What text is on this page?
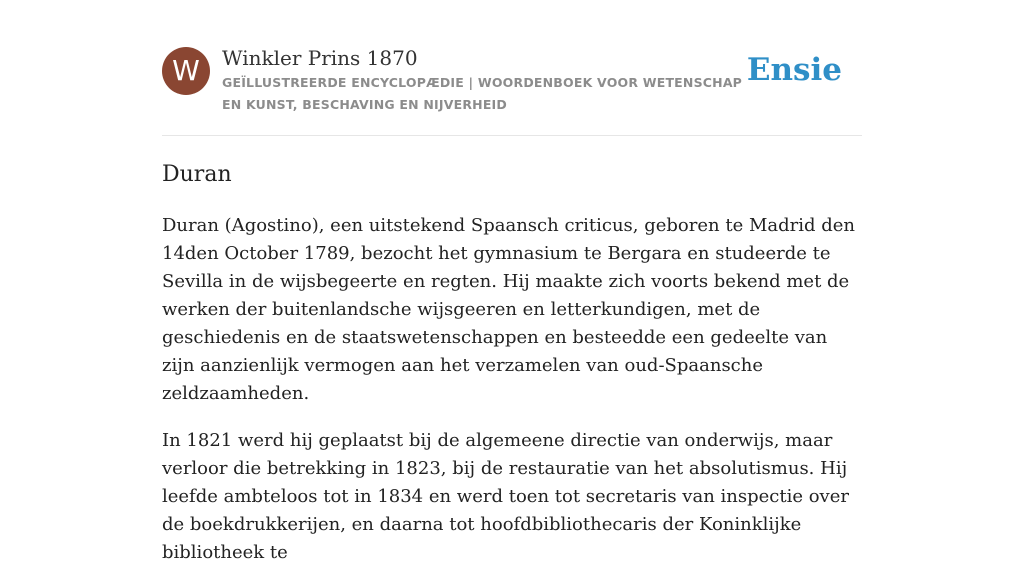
W	Winkler Prins 1870
GEÏLLUSTREERDE ENCYCLOPÆDIE | WOORDENBOEK VOOR WETENSCHAP EN KUNST, BESCHAVING EN NIJVERHEID
Ensie
Duran

Duran (Agostino), een uitstekend Spaansch criticus, geboren te Madrid den 14den October 1789, bezocht het gymnasium te Bergara en studeerde te Sevilla in de wijsbegeerte en regten. Hij maakte zich voorts bekend met de werken der buitenlandsche wijsgeeren en letterkundigen, met de geschiedenis en de staatswetenschappen en besteedde een gedeelte van zijn aanzienlijk vermogen aan het verzamelen van oud-Spaansche zeldzaamheden.

In 1821 werd hij geplaatst bij de algemeene directie van onderwijs, maar verloor die betrekking in 1823, bij de restauratie van het absolutismus. Hij leefde ambteloos tot in 1834 en werd toen tot secretaris van inspectie over de boekdrukkerijen, en daarna tot hoofdbibliothecaris der Koninklijke bibliotheek te
